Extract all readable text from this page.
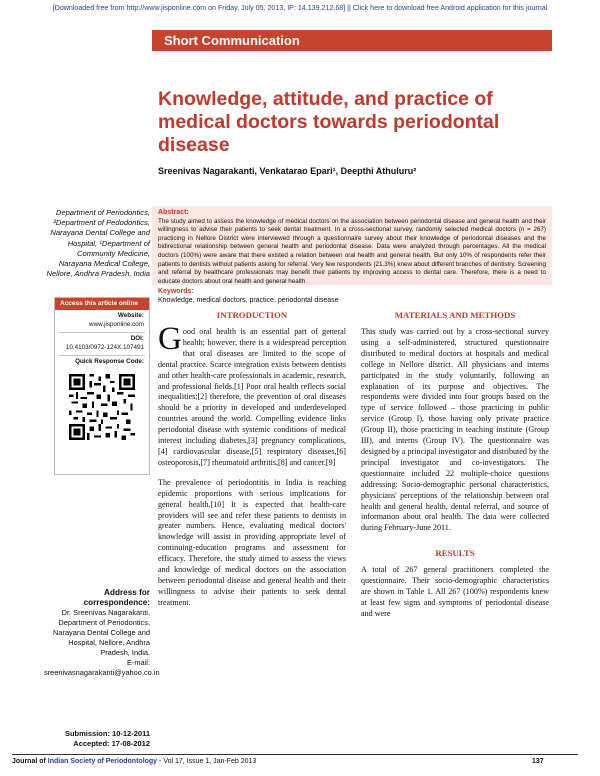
[Downloaded free from http://www.jisponline.com on Friday, July 05, 2013, IP: 14.139.212.68] || Click here to download free Android application for this journal
Short Communication
Knowledge, attitude, and practice of medical doctors towards periodontal disease
Sreenivas Nagarakanti, Venkatarao Epari¹, Deepthi Athuluru²
Department of Periodontics, ²Department of Pedodontics, Narayana Dental College and Hospital, ¹Department of Community Medicine, Narayana Medical College, Nellore, Andhra Pradesh, India
Abstract:
The study aimed to assess the knowledge of medical doctors on the association between periodontal disease and general health and their willingness to advise their patients to seek dental treatment. In a cross-sectional survey, randomly selected medical doctors (n = 267) practicing in Nellore District were interviewed through a questionnaire survey about their knowledge of periodontal diseases and the bidirectional relationship between general health and periodontal disease. Data were analyzed through percentages. All the medical doctors (100%) were aware that there existed a relation between oral health and general health. But only 10% of respondents refer their patients to dentists without patients asking for referral. Very few respondents (21.3%) knew about different branches of dentistry. Screening and referral by healthcare professionals may benefit their patients by improving access to dental care. Therefore, there is a need to educate doctors about oral health and general health.
Keywords:
Knowledge, medical doctors, practice, periodontal disease
Access this article online
Website:
www.jisponline.com
DOI:
10.4103/0972-124X.107491
Quick Response Code:
Address for correspondence:
Dr. Sreenivas Nagarakanti, Department of Periodontics, Narayana Dental College and Hospital, Nellore, Andhra Pradesh, India.
E-mail: sreenivasnagarakanti@yahoo.co.in
Submission: 10-12-2011
Accepted: 17-08-2012
INTRODUCTION

Good oral health is an essential part of general health; however, there is a widespread perception that oral diseases are limited to the scope of dental practice. Scarce integration exists between dentists and other health-care professionals in academic, research, and professional fields.[1] Poor oral health reflects social inequalities;[2] therefore, the prevention of oral diseases should be a priority in developed and underdeveloped countries around the world. Compelling evidence links periodontal disease with systemic conditions of medical interest including diabetes,[3] pregnancy complications,[4] cardiovascular disease,[5] respiratory diseases,[6] osteoporosis,[7] rheumatoid arthritis,[8] and cancer.[9]

The prevalence of periodontitis in India is reaching epidemic proportions with serious implications for general health.[10] It is expected that health-care providers will see and refer these patients to dentists in greater numbers. Hence, evaluating medical doctors' knowledge will assist in providing appropriate level of continuing-education programs and assessment for efficacy. Therefore, the study aimed to assess the views and knowledge of medical doctors on the association between periodontal disease and general health and their willingness to advise their patients to seek dental treatment.

MATERIALS AND METHODS

This study was carried out by a cross-sectional survey using a self-administered, structured questionnaire distributed to medical doctors at hospitals and medical college in Nellore district. All physicians and interns participated in the study voluntarily, following an explanation of its purpose and objectives. The respondents were divided into four groups based on the type of service followed – those practicing in public service (Group I), those having only private practice (Group II), those practicing in teaching institute (Group III), and interns (Group IV). The questionnaire was designed by a principal investigator and distributed by the principal investigator and co-investigators. The questionnaire included 22 multiple-choice questions addressing: Socio-demographic personal characteristics, physicians' perceptions of the relationship between oral health and general health, dental referral, and source of information about oral health. The data were collected during February-June 2011.

RESULTS

A total of 267 general practitioners completed the questionnaire. Their socio-demographic characteristics are shown in Table 1. All 267 (100%) respondents knew at least few signs and symptoms of periodontal disease and were

Journal of Indian Society of Periodontology - Vol 17, Issue 1, Jan-Feb 2013	137
